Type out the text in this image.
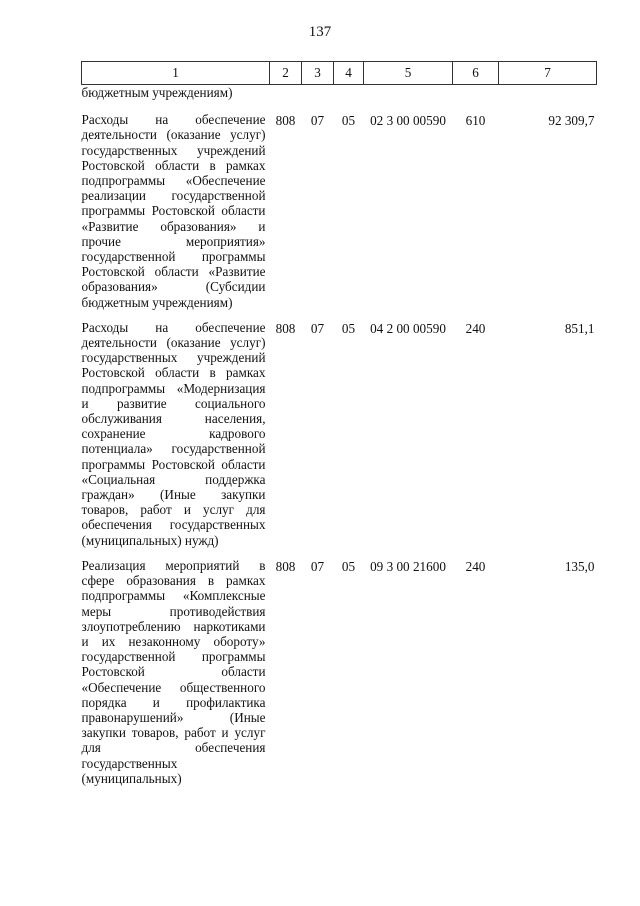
137
1	2	3	4	5	6	7
бюджетным учреждениям)						
Расходы на обеспечение деятельности (оказание услуг) государственных учреждений Ростовской области в рамках подпрограммы «Обеспечение реализации государственной программы Ростовской области «Развитие образования» и прочие мероприятия» государственной программы Ростовской области «Развитие образования» (Субсидии бюджетным учреждениям)	808	07	05	02 3 00 00590	610	92 309,7
Расходы на обеспечение деятельности (оказание услуг) государственных учреждений Ростовской области в рамках подпрограммы «Модернизация и развитие социального обслуживания населения, сохранение кадрового потенциала» государственной программы Ростовской области «Социальная поддержка граждан» (Иные закупки товаров, работ и услуг для обеспечения государственных (муниципальных) нужд)	808	07	05	04 2 00 00590	240	851,1
Реализация мероприятий в сфере образования в рамках подпрограммы «Комплексные меры противодействия злоупотреблению наркотиками и их незаконному обороту» государственной программы Ростовской области «Обеспечение общественного порядка и профилактика правонарушений» (Иные закупки товаров, работ и услуг для обеспечения государственных (муниципальных)	808	07	05	09 3 00 21600	240	135,0
